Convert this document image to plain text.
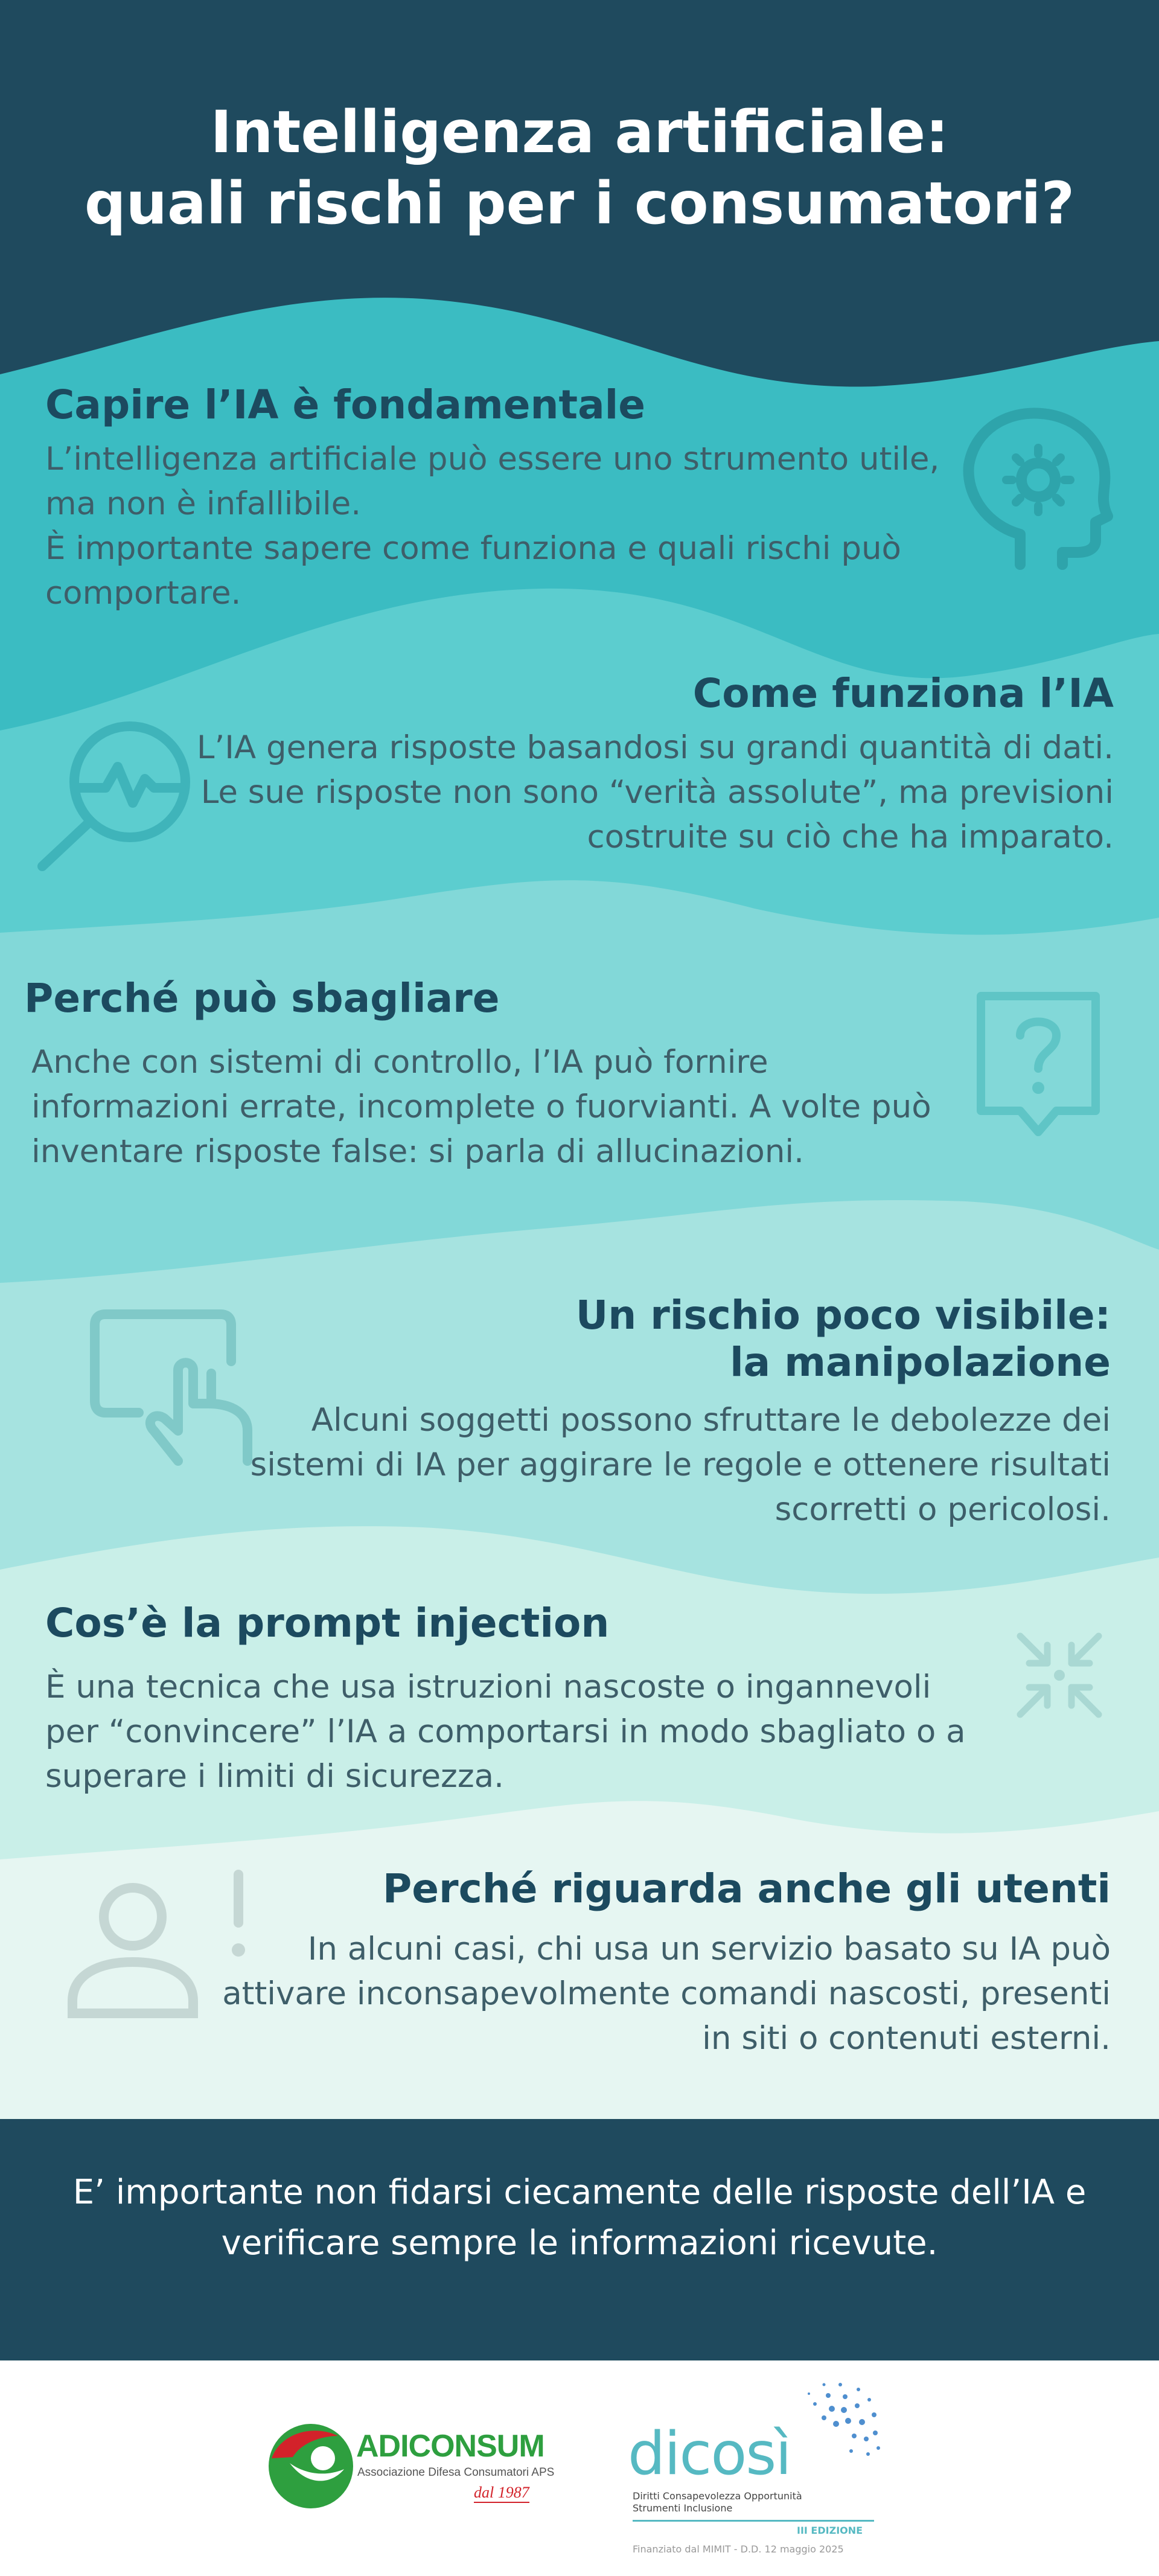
Intelligenza artificiale:
quali rischi per i consumatori?
Capire l’IA è fondamentale

L’intelligenza artificiale può essere uno strumento utile,
ma non è infallibile.
È importante sapere come funziona e quali rischi può
comportare.

Come funziona l’IA

L’IA genera risposte basandosi su grandi quantità di dati.
Le sue risposte non sono “verità assolute”, ma previsioni
costruite su ciò che ha imparato.

Perché può sbagliare

Anche con sistemi di controllo, l’IA può fornire
informazioni errate, incomplete o fuorvianti. A volte può
inventare risposte false: si parla di allucinazioni.

Un rischio poco visibile:
la manipolazione

Alcuni soggetti possono sfruttare le debolezze dei
sistemi di IA per aggirare le regole e ottenere risultati
scorretti o pericolosi.

Cos’è la prompt injection

È una tecnica che usa istruzioni nascoste o ingannevoli
per “convincere” l’IA a comportarsi in modo sbagliato o a
superare i limiti di sicurezza.

Perché riguarda anche gli utenti

In alcuni casi, chi usa un servizio basato su IA può
attivare inconsapevolmente comandi nascosti, presenti
in siti o contenuti esterni.

E’ importante non fidarsi ciecamente delle risposte dell’IA e
verificare sempre le informazioni ricevute.
ADICONSUM
Associazione Difesa Consumatori APS
dal 1987
dicosì
Diritti Consapevolezza Opportunità
Strumenti Inclusione
III EDIZIONE
Finanziato dal MIMIT - D.D. 12 maggio 2025
